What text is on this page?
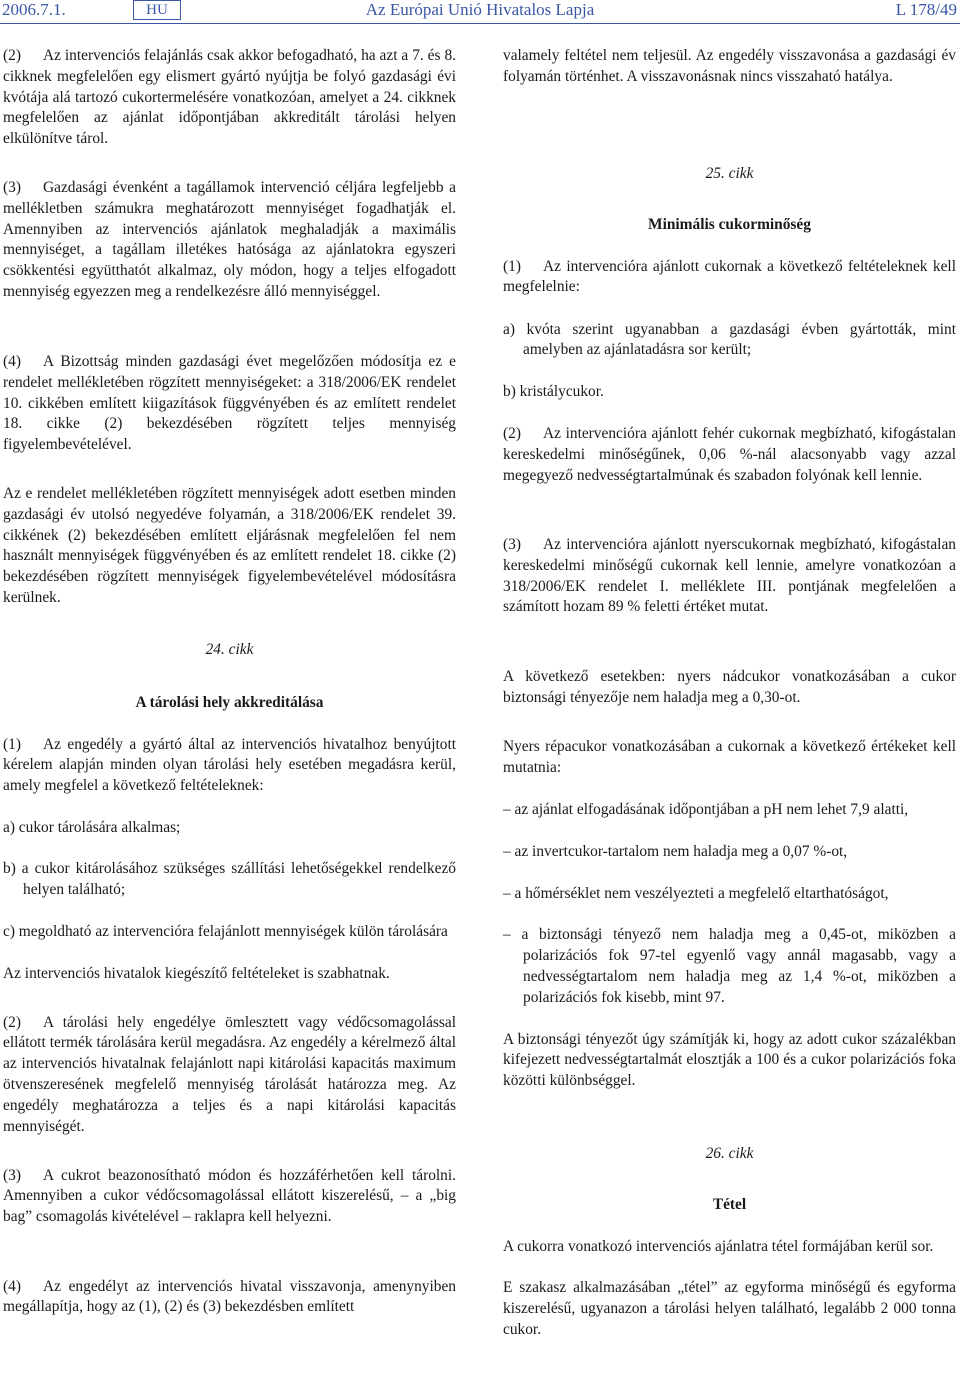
2006.7.1.	HU	Az Európai Unió Hivatalos Lapja	L 178/49

(2) Az intervenciós felajánlás csak akkor befogadható, ha azt a 7. és 8. cikknek megfelelően egy elismert gyártó nyújtja be folyó gazdasági évi kvótája alá tartozó cukortermelésére vonatkozóan, amelyet a 24. cikknek megfelelően az ajánlat időpontjában akkreditált tárolási helyen elkülönítve tárol.

(3) Gazdasági évenként a tagállamok intervenció céljára legfeljebb a mellékletben számukra meghatározott mennyiséget fogadhatják el. Amennyiben az intervenciós ajánlatok meghaladják a maximális mennyiséget, a tagállam illetékes hatósága az ajánlatokra egyszeri csökkentési együtthatót alkalmaz, oly módon, hogy a teljes elfogadott mennyiség egyezzen meg a rendelkezésre álló mennyiséggel.

(4) A Bizottság minden gazdasági évet megelőzően módosítja ez e rendelet mellékletében rögzített mennyiségeket: a 318/2006/EK rendelet 10. cikkében említett kiigazítások függvényében és az említett rendelet 18. cikke (2) bekezdésében rögzített teljes mennyiség figyelembevételével.

Az e rendelet mellékletében rögzített mennyiségek adott esetben minden gazdasági év utolsó negyedéve folyamán, a 318/2006/EK rendelet 39. cikkének (2) bekezdésében említett eljárásnak megfelelően fel nem használt mennyiségek függvényében és az említett rendelet 18. cikke (2) bekezdésében rögzített mennyiségek figyelembevételével módosításra kerülnek.

24. cikk

A tárolási hely akkreditálása

(1) Az engedély a gyártó által az intervenciós hivatalhoz benyújtott kérelem alapján minden olyan tárolási hely esetében megadásra kerül, amely megfelel a következő feltételeknek:

a) cukor tárolására alkalmas;

b) a cukor kitárolásához szükséges szállítási lehetőségekkel rendelkező helyen található;

c) megoldható az intervencióra felajánlott mennyiségek külön tárolására

Az intervenciós hivatalok kiegészítő feltételeket is szabhatnak.

(2) A tárolási hely engedélye ömlesztett vagy védőcsomagolással ellátott termék tárolására kerül megadásra. Az engedély a kérelmező által az intervenciós hivatalnak felajánlott napi kitárolási kapacitás maximum ötvenszeresének megfelelő mennyiség tárolását határozza meg. Az engedély meghatározza a teljes és a napi kitárolási kapacitás mennyiségét.

(3) A cukrot beazonosítható módon és hozzáférhetően kell tárolni. Amennyiben a cukor védőcsomagolással ellátott kiszerelésű, – a „big bag” csomagolás kivételével – raklapra kell helyezni.

(4) Az engedélyt az intervenciós hivatal visszavonja, amenynyiben megállapítja, hogy az (1), (2) és (3) bekezdésben említett

valamely feltétel nem teljesül. Az engedély visszavonása a gazdasági év folyamán történhet. A visszavonásnak nincs visszaható hatálya.

25. cikk

Minimális cukorminőség

(1) Az intervencióra ajánlott cukornak a következő feltételeknek kell megfelelnie:

a) kvóta szerint ugyanabban a gazdasági évben gyártották, mint amelyben az ajánlatadásra sor került;

b) kristálycukor.

(2) Az intervencióra ajánlott fehér cukornak megbízható, kifogástalan kereskedelmi minőségűnek, 0,06 %-nál alacsonyabb vagy azzal megegyező nedvességtartalmúnak és szabadon folyónak kell lennie.

(3) Az intervencióra ajánlott nyerscukornak megbízható, kifogástalan kereskedelmi minőségű cukornak kell lennie, amelyre vonatkozóan a 318/2006/EK rendelet I. melléklete III. pontjának megfelelően a számított hozam 89 % feletti értéket mutat.

A következő esetekben: nyers nádcukor vonatkozásában a cukor biztonsági tényezője nem haladja meg a 0,30-ot.

Nyers répacukor vonatkozásában a cukornak a következő értékeket kell mutatnia:

– az ajánlat elfogadásának időpontjában a pH nem lehet 7,9 alatti,

– az invertcukor-tartalom nem haladja meg a 0,07 %-ot,

– a hőmérséklet nem veszélyezteti a megfelelő eltarthatóságot,

– a biztonsági tényező nem haladja meg a 0,45-ot, miközben a polarizációs fok 97-tel egyenlő vagy annál magasabb, vagy a nedvességtartalom nem haladja meg az 1,4 %-ot, miközben a polarizációs fok kisebb, mint 97.

A biztonsági tényezőt úgy számítják ki, hogy az adott cukor százalékban kifejezett nedvességtartalmát elosztják a 100 és a cukor polarizációs foka közötti különbséggel.

26. cikk

Tétel

A cukorra vonatkozó intervenciós ajánlatra tétel formájában kerül sor.

E szakasz alkalmazásában „tétel” az egyforma minőségű és egyforma kiszerelésű, ugyanazon a tárolási helyen található, legalább 2 000 tonna cukor.
